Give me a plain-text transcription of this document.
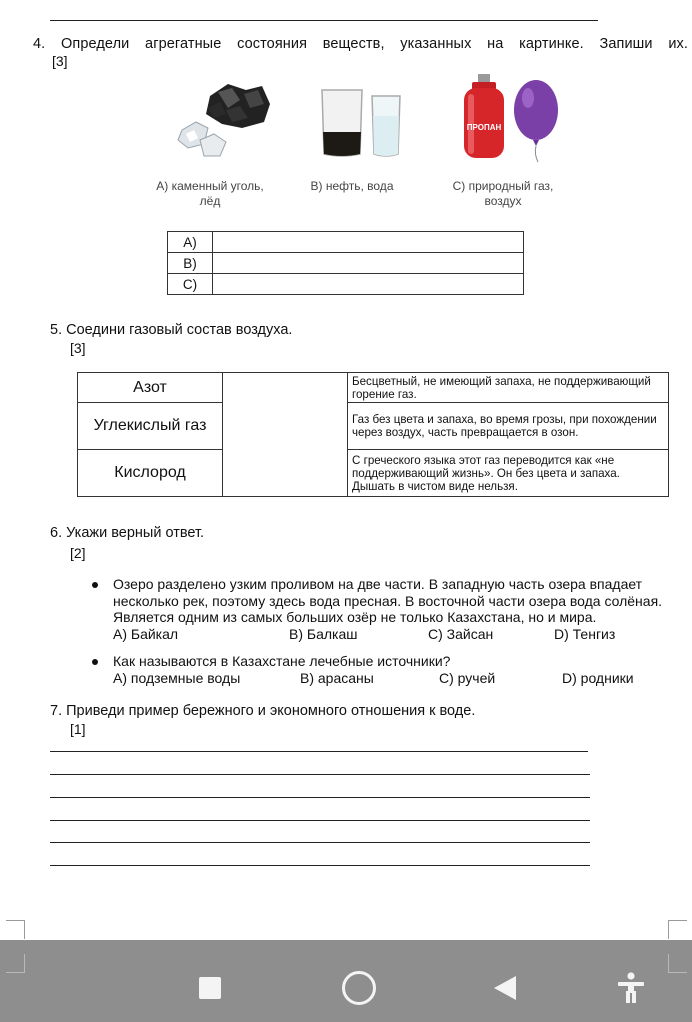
4. Определи агрегатные состояния веществ, указанных на картинке. Запиши их.
[3]
ПРОПАН
А) каменный уголь, лёд
В) нефть, вода	С) природный газ, воздух
А)	
В)	
С)	
5. Соедини газовый состав воздуха.
[3]
Азот		Бесцветный, не имеющий запаха, не поддерживающий горение газ.
Углекислый газ		Газ без цвета и запаха, во время грозы, при похождении через воздух, часть превращается в озон.
Кислород		С греческого языка этот газ переводится как «не поддерживающий жизнь». Он без цвета и запаха. Дышать в чистом виде нельзя.
6. Укажи верный ответ.
[2]
Озеро разделено узким проливом на две части. В западную часть озера впадает несколько рек, поэтому здесь вода пресная. В восточной части озера вода солёная. Является одним из самых больших озёр не только Казахстана, но и мира.
А) Байкал	В) Балкаш	С) Зайсан	D) Тенгиз
Как называются в Казахстане лечебные источники?
А) подземные воды	В) арасаны	С) ручей	D) родники
7. Приведи пример бережного и экономного отношения к воде.
[1]
